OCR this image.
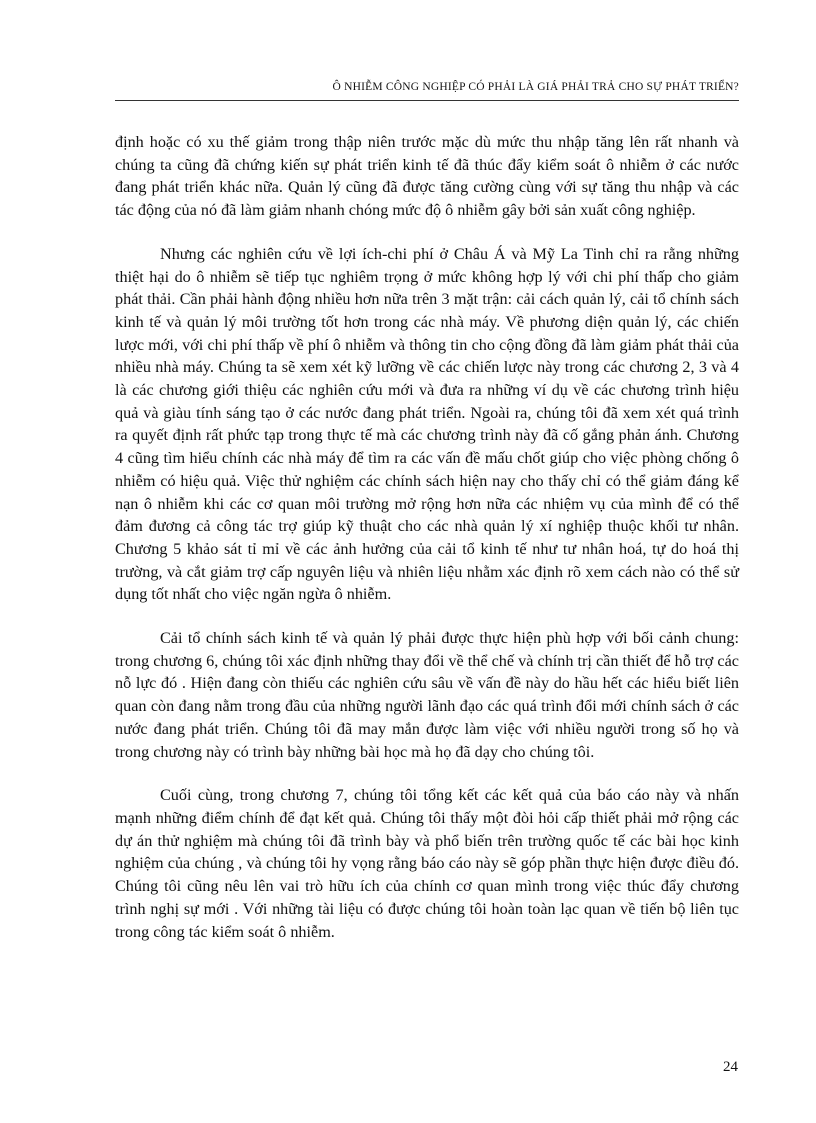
Ô NHIỄM CÔNG NGHIỆP CÓ PHẢI LÀ GIÁ PHẢI TRẢ CHO SỰ PHÁT TRIỂN?

định hoặc có xu thế giảm trong thập niên trước mặc dù mức thu nhập tăng lên rất nhanh và chúng ta cũng đã chứng kiến sự phát triển kinh tế đã thúc đẩy kiểm soát ô nhiễm ở các nước đang phát triển khác nữa. Quản lý cũng đã được tăng cường cùng với sự tăng thu nhập và các tác động của nó đã làm giảm nhanh chóng mức độ ô nhiễm gây bởi sản xuất công nghiệp.

Nhưng các nghiên cứu về lợi ích-chi phí ở Châu Á và Mỹ La Tinh chỉ ra rằng những thiệt hại do ô nhiễm sẽ tiếp tục nghiêm trọng ở mức không hợp lý với chi phí thấp cho giảm phát thải. Cần phải hành động nhiều hơn nữa trên 3 mặt trận: cải cách quản lý, cải tổ chính sách kinh tế và quản lý môi trường tốt hơn trong các nhà máy. Về phương diện quản lý, các chiến lược mới, với chi phí thấp về phí ô nhiễm và thông tin cho cộng đồng đã làm giảm phát thải của nhiều nhà máy. Chúng ta sẽ xem xét kỹ lưỡng về các chiến lược này trong các chương 2, 3 và 4 là các chương giới thiệu các nghiên cứu mới và đưa ra những ví dụ về các chương trình hiệu quả và giàu tính sáng tạo ở các nước đang phát triển. Ngoài ra, chúng tôi đã xem xét quá trình ra quyết định rất phức tạp trong thực tế mà các chương trình này đã cố gắng phản ánh. Chương 4 cũng tìm hiểu chính các nhà máy để tìm ra các vấn đề mấu chốt giúp cho việc phòng chống ô nhiễm có hiệu quả. Việc thử nghiệm các chính sách hiện nay cho thấy chỉ có thể giảm đáng kể nạn ô nhiễm khi các cơ quan môi trường mở rộng hơn nữa các nhiệm vụ của mình để có thể đảm đương cả công tác trợ giúp kỹ thuật cho các nhà quản lý xí nghiệp thuộc khối tư nhân. Chương 5 khảo sát tỉ mỉ về các ảnh hưởng của cải tổ kinh tế như tư nhân hoá, tự do hoá thị trường, và cắt giảm trợ cấp nguyên liệu và nhiên liệu nhằm xác định rõ xem cách nào có thể sử dụng tốt nhất cho việc ngăn ngừa ô nhiễm.

Cải tổ chính sách kinh tế và quản lý phải được thực hiện phù hợp với bối cảnh chung: trong chương 6, chúng tôi xác định những thay đổi về thể chế và chính trị cần thiết để hỗ trợ các nỗ lực đó . Hiện đang còn thiếu các nghiên cứu sâu về vấn đề này do hầu hết các hiểu biết liên quan còn đang nằm trong đầu của những người lãnh đạo các quá trình đổi mới chính sách ở các nước đang phát triển. Chúng tôi đã may mắn được làm việc với nhiều người trong số họ và trong chương này có trình bày những bài học mà họ đã dạy cho chúng tôi.

Cuối cùng, trong chương 7, chúng tôi tổng kết các kết quả của báo cáo này và nhấn mạnh những điểm chính để đạt kết quả. Chúng tôi thấy một đòi hỏi cấp thiết phải mở rộng các dự án thử nghiệm mà chúng tôi đã trình bày và phổ biến trên trường quốc tế các bài học kinh nghiệm của chúng , và chúng tôi hy vọng rằng báo cáo này sẽ góp phần thực hiện được điều đó. Chúng tôi cũng nêu lên vai trò hữu ích của chính cơ quan mình trong việc thúc đẩy chương trình nghị sự mới . Với những tài liệu có được chúng tôi hoàn toàn lạc quan về tiến bộ liên tục trong công tác kiểm soát ô nhiễm.

24
